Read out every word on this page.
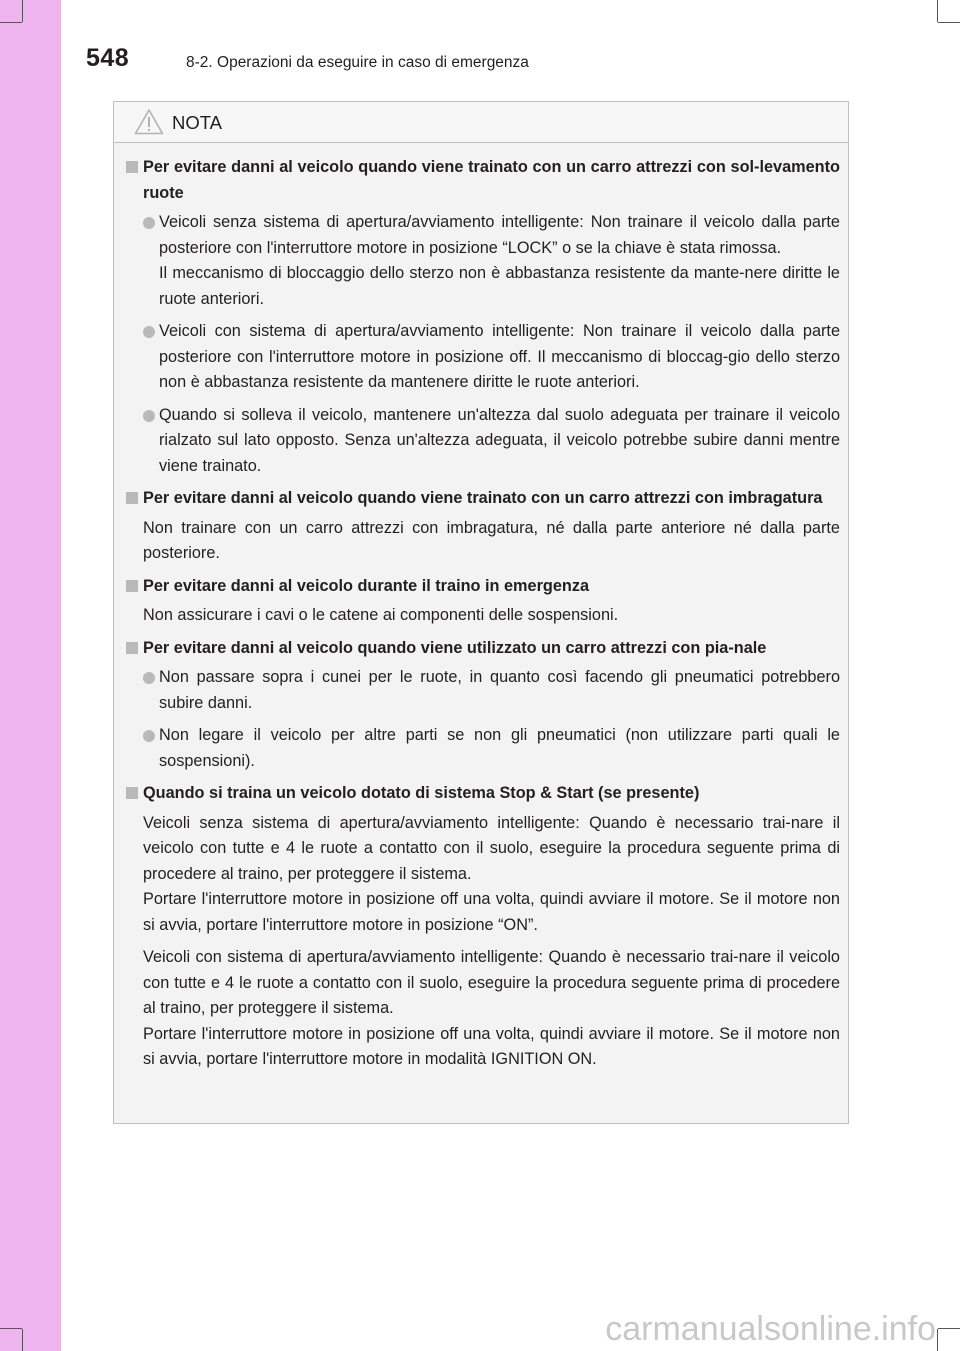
548	8-2. Operazioni da eseguire in caso di emergenza
NOTA
Per evitare danni al veicolo quando viene trainato con un carro attrezzi con sol-levamento ruote
Veicoli senza sistema di apertura/avviamento intelligente: Non trainare il veicolo dalla parte posteriore con l'interruttore motore in posizione “LOCK” o se la chiave è stata rimossa.
Il meccanismo di bloccaggio dello sterzo non è abbastanza resistente da mante-nere diritte le ruote anteriori.
Veicoli con sistema di apertura/avviamento intelligente: Non trainare il veicolo dalla parte posteriore con l'interruttore motore in posizione off. Il meccanismo di bloccag-gio dello sterzo non è abbastanza resistente da mantenere diritte le ruote anteriori.
Quando si solleva il veicolo, mantenere un'altezza dal suolo adeguata per trainare il veicolo rialzato sul lato opposto. Senza un'altezza adeguata, il veicolo potrebbe subire danni mentre viene trainato.
Per evitare danni al veicolo quando viene trainato con un carro attrezzi con imbragatura
Non trainare con un carro attrezzi con imbragatura, né dalla parte anteriore né dalla parte posteriore.
Per evitare danni al veicolo durante il traino in emergenza
Non assicurare i cavi o le catene ai componenti delle sospensioni.
Per evitare danni al veicolo quando viene utilizzato un carro attrezzi con pia-nale
Non passare sopra i cunei per le ruote, in quanto così facendo gli pneumatici potrebbero subire danni.
Non legare il veicolo per altre parti se non gli pneumatici (non utilizzare parti quali le sospensioni).
Quando si traina un veicolo dotato di sistema Stop & Start (se presente)
Veicoli senza sistema di apertura/avviamento intelligente: Quando è necessario trai-nare il veicolo con tutte e 4 le ruote a contatto con il suolo, eseguire la procedura seguente prima di procedere al traino, per proteggere il sistema.
Portare l'interruttore motore in posizione off una volta, quindi avviare il motore. Se il motore non si avvia, portare l'interruttore motore in posizione “ON”.
Veicoli con sistema di apertura/avviamento intelligente: Quando è necessario trai-nare il veicolo con tutte e 4 le ruote a contatto con il suolo, eseguire la procedura seguente prima di procedere al traino, per proteggere il sistema.
Portare l'interruttore motore in posizione off una volta, quindi avviare il motore. Se il motore non si avvia, portare l'interruttore motore in modalità IGNITION ON.
carmanualsonline.info
